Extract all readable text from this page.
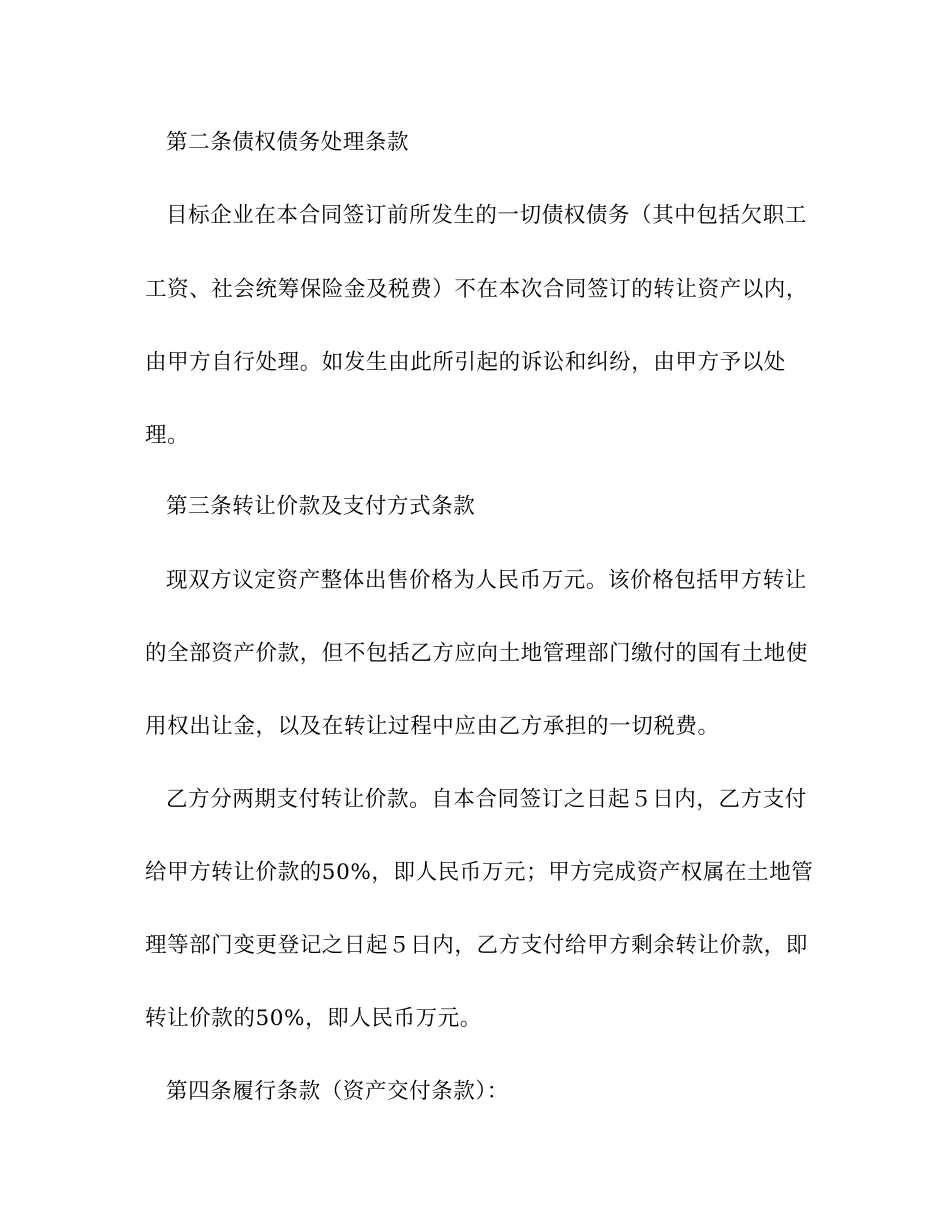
第二条债权债务处理条款
目标企业在本合同签订前所发生的一切债权债务（其中包括欠职工
工资、社会统筹保险金及税费）不在本次合同签订的转让资产以内，
由甲方自行处理。如发生由此所引起的诉讼和纠纷，由甲方予以处
理。
第三条转让价款及支付方式条款
现双方议定资产整体出售价格为人民币万元。该价格包括甲方转让
的全部资产价款，但不包括乙方应向土地管理部门缴付的国有土地使
用权出让金，以及在转让过程中应由乙方承担的一切税费。
乙方分两期支付转让价款。自本合同签订之日起５日内，乙方支付
给甲方转让价款的50%，即人民币万元；甲方完成资产权属在土地管
理等部门变更登记之日起５日内，乙方支付给甲方剩余转让价款，即
转让价款的50%，即人民币万元。
第四条履行条款（资产交付条款）：
